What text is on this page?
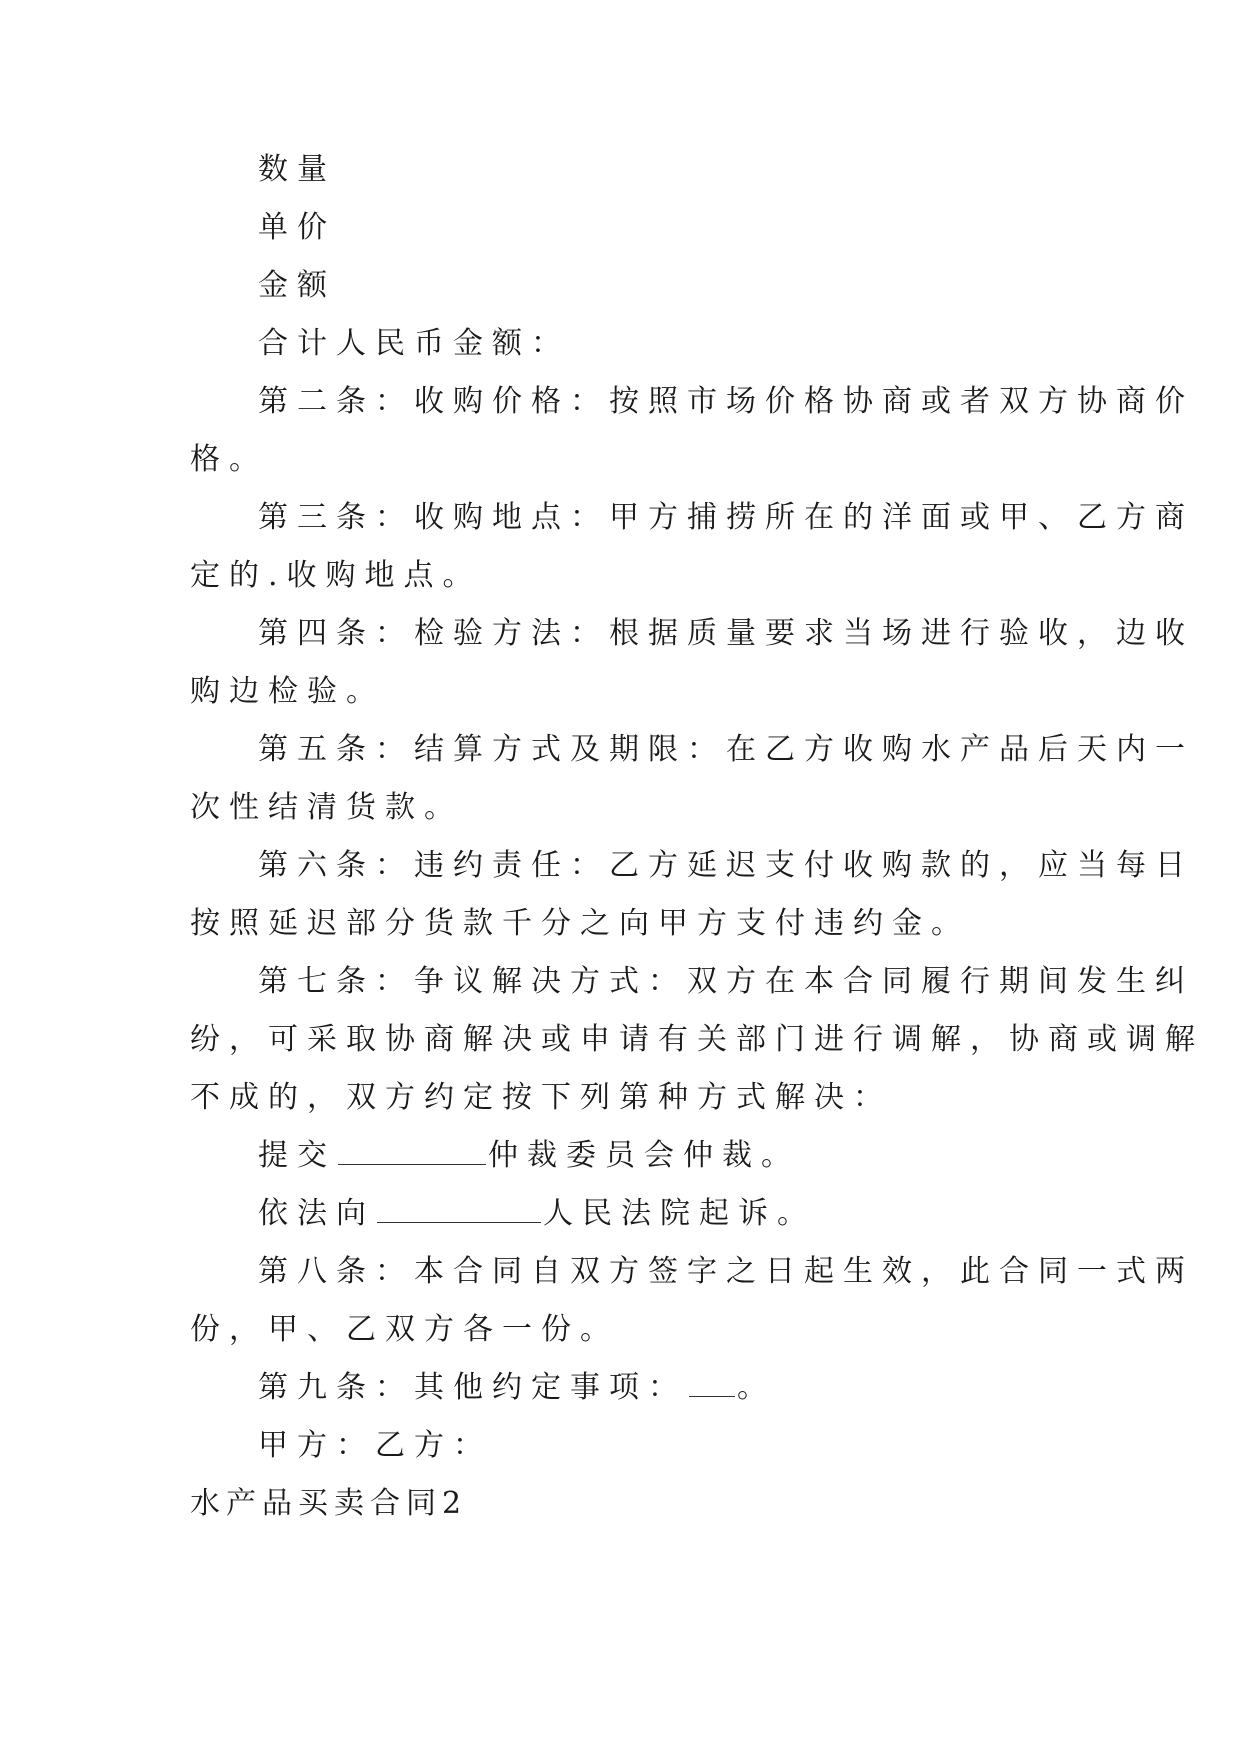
数量
单价
金额
合计人民币金额：
第二条：收购价格：按照市场价格协商或者双方协商价
格。
第三条：收购地点：甲方捕捞所在的洋面或甲、乙方商
定的.收购地点。
第四条：检验方法：根据质量要求当场进行验收，边收
购边检验。
第五条：结算方式及期限：在乙方收购水产品后天内一
次性结清货款。
第六条：违约责任：乙方延迟支付收购款的，应当每日
按照延迟部分货款千分之向甲方支付违约金。
第七条：争议解决方式：双方在本合同履行期间发生纠
纷，可采取协商解决或申请有关部门进行调解，协商或调解
不成的，双方约定按下列第种方式解决：
提交	仲裁委员会仲裁。
依法向	人民法院起诉。
第八条：本合同自双方签字之日起生效，此合同一式两
份，甲、乙双方各一份。
第九条：其他约定事项： 。
甲方：乙方：
水产品买卖合同2
